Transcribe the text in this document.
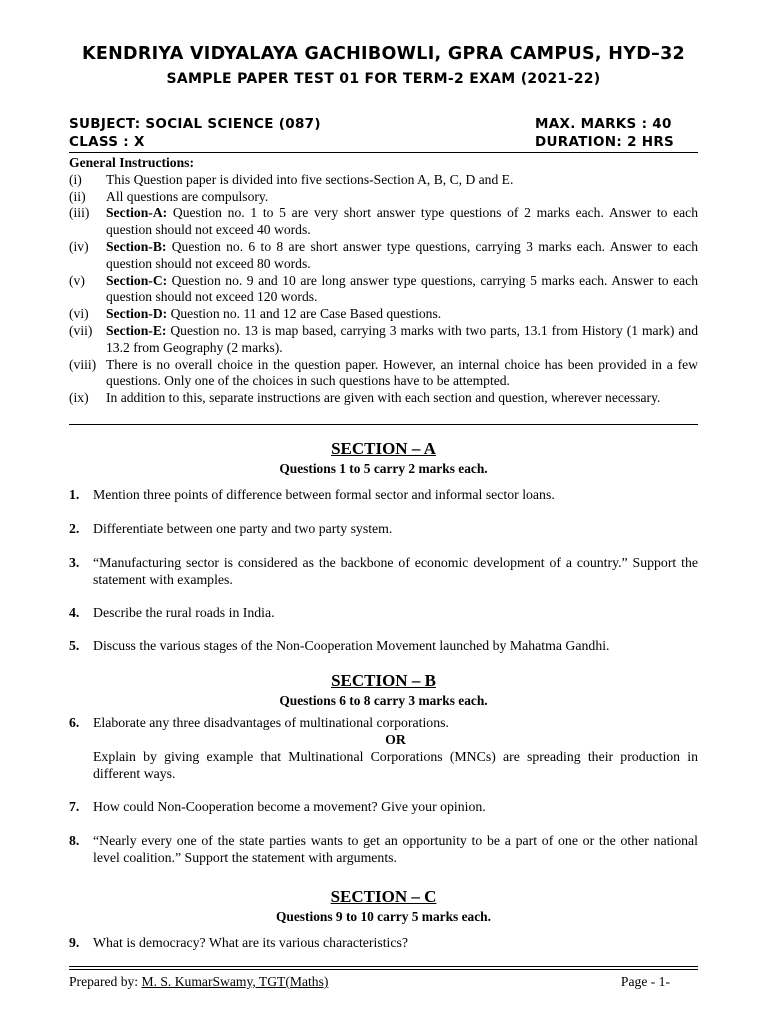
KENDRIYA VIDYALAYA GACHIBOWLI, GPRA CAMPUS, HYD–32
SAMPLE PAPER TEST 01 FOR TERM-2 EXAM (2021-22)
SUBJECT: SOCIAL SCIENCE (087)	MAX. MARKS : 40
CLASS : X	DURATION: 2 HRS
General Instructions:
(i)	This Question paper is divided into five sections-Section A, B, C, D and E.
(ii)	All questions are compulsory.
(iii)	Section-A: Question no. 1 to 5 are very short answer type questions of 2 marks each. Answer to each question should not exceed 40 words.
(iv)	Section-B: Question no. 6 to 8 are short answer type questions, carrying 3 marks each. Answer to each question should not exceed 80 words.
(v)	Section-C: Question no. 9 and 10 are long answer type questions, carrying 5 marks each. Answer to each question should not exceed 120 words.
(vi)	Section-D: Question no. 11 and 12 are Case Based questions.
(vii) Section-E: Question no. 13 is map based, carrying 3 marks with two parts, 13.1 from History (1 mark) and 13.2 from Geography (2 marks).
(viii) There is no overall choice in the question paper. However, an internal choice has been provided in a few questions. Only one of the choices in such questions have to be attempted.
(ix)	In addition to this, separate instructions are given with each section and question, wherever necessary.
SECTION – A
Questions 1 to 5 carry 2 marks each.
1. Mention three points of difference between formal sector and informal sector loans.
2. Differentiate between one party and two party system.
3. “Manufacturing sector is considered as the backbone of economic development of a country.” Support the statement with examples.
4. Describe the rural roads in India.
5. Discuss the various stages of the Non-Cooperation Movement launched by Mahatma Gandhi.
SECTION – B
Questions 6 to 8 carry 3 marks each.
6. Elaborate any three disadvantages of multinational corporations.
OR
Explain by giving example that Multinational Corporations (MNCs) are spreading their production in different ways.
7. How could Non-Cooperation become a movement? Give your opinion.
8. “Nearly every one of the state parties wants to get an opportunity to be a part of one or the other national level coalition.” Support the statement with arguments.
SECTION – C
Questions 9 to 10 carry 5 marks each.
9. What is democracy? What are its various characteristics?
Prepared by: M. S. KumarSwamy, TGT(Maths)	Page - 1-
